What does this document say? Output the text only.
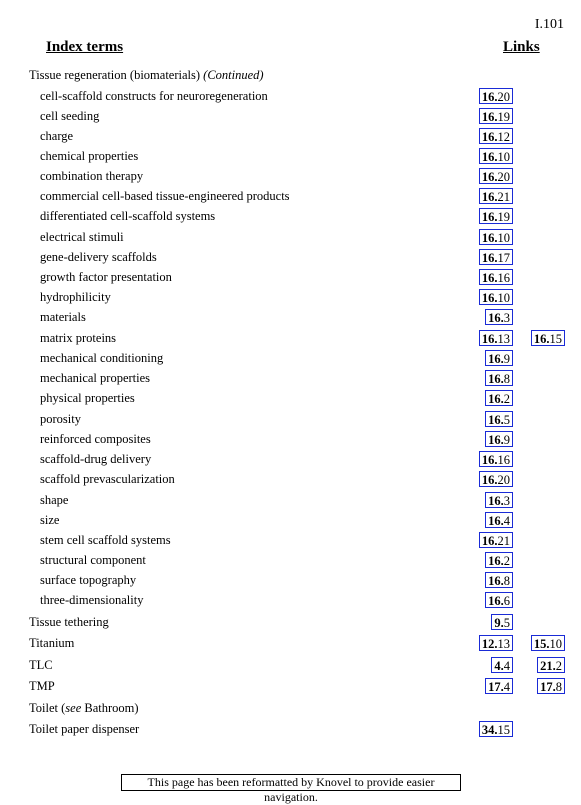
I.101
Index terms	Links
Tissue regeneration (biomaterials) (Continued)
cell-scaffold constructs for neuroregeneration	16.20
cell seeding	16.19
charge	16.12
chemical properties	16.10
combination therapy	16.20
commercial cell-based tissue-engineered products	16.21
differentiated cell-scaffold systems	16.19
electrical stimuli	16.10
gene-delivery scaffolds	16.17
growth factor presentation	16.16
hydrophilicity	16.10
materials	16.3
matrix proteins	16.13 16.15
mechanical conditioning	16.9
mechanical properties	16.8
physical properties	16.2
porosity	16.5
reinforced composites	16.9
scaffold-drug delivery	16.16
scaffold prevascularization	16.20
shape	16.3
size	16.4
stem cell scaffold systems	16.21
structural component	16.2
surface topography	16.8
three-dimensionality	16.6
Tissue tethering	9.5
Titanium	12.13 15.10
TLC	4.4 21.2
TMP	17.4 17.8
Toilet (see Bathroom)
Toilet paper dispenser	34.15
This page has been reformatted by Knovel to provide easier navigation.
